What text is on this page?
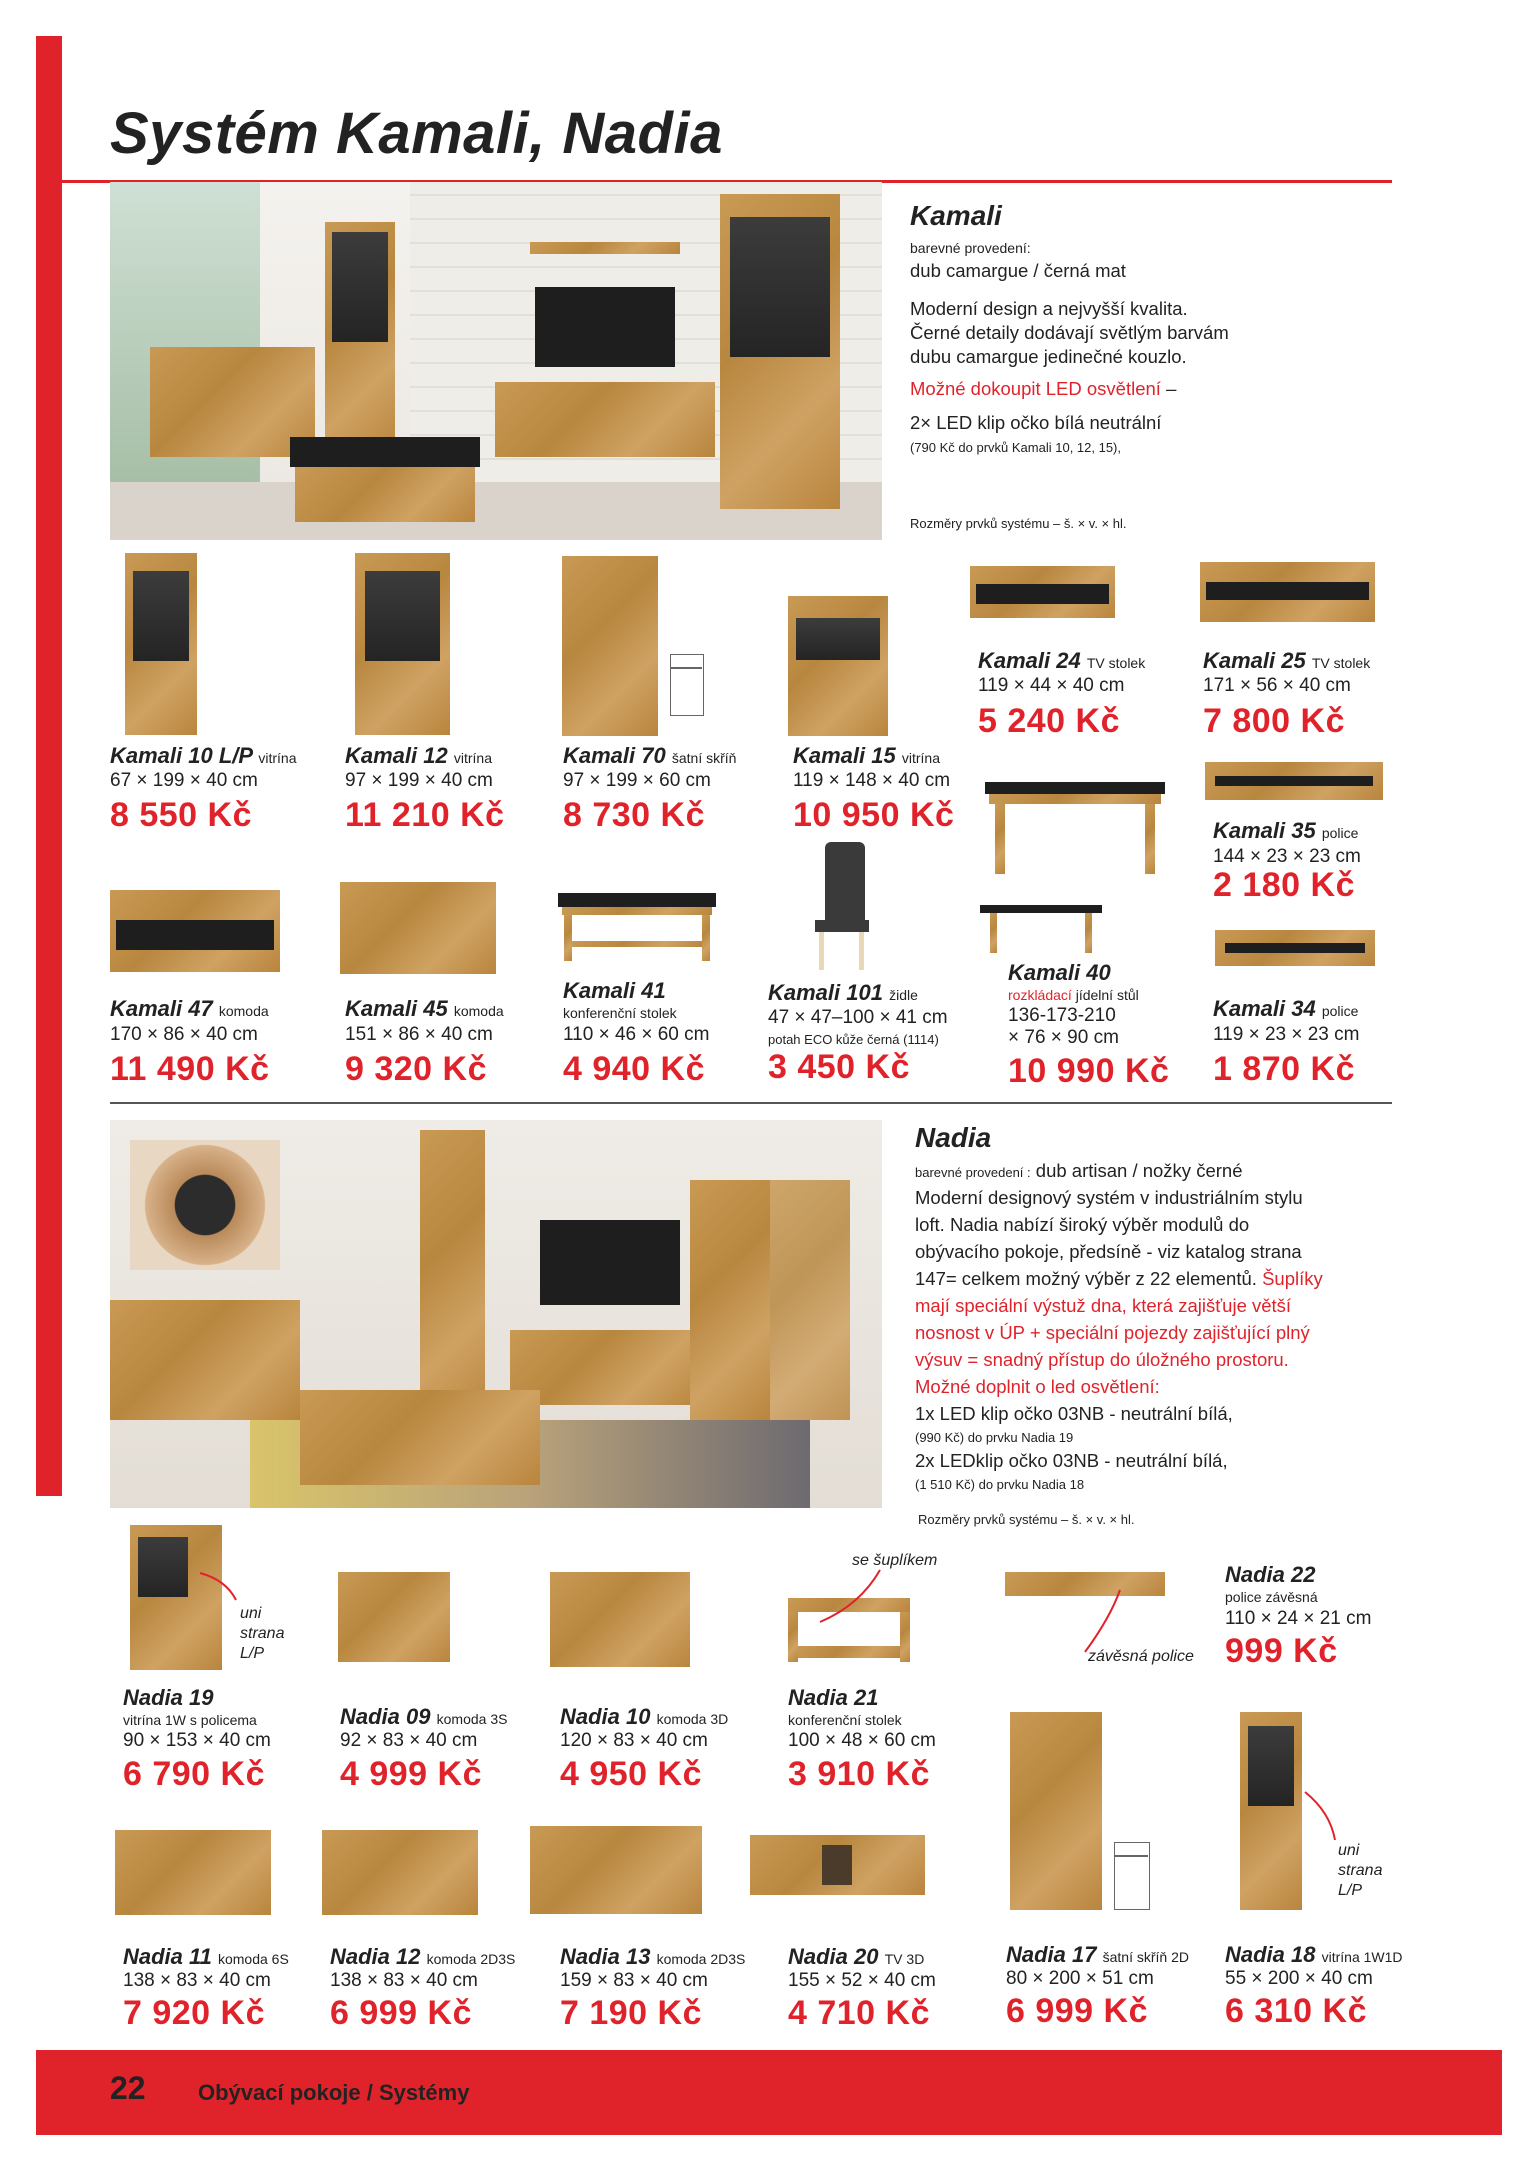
Systém Kamali, Nadia
Kamali
barevné provedení:
dub camargue / černá mat
Moderní design a nejvyšší kvalita.
Černé detaily dodávají světlým barvám
dubu camargue jedinečné kouzlo.
Možné dokoupit LED osvětlení –
2× LED klip očko bílá neutrální
(790 Kč do prvků Kamali 10, 12, 15),
Rozměry prvků systému – š. × v. × hl.
Kamali 10 L/P vitrína
67 × 199 × 40 cm
8 550 Kč
Kamali 12 vitrína
97 × 199 × 40 cm
11 210 Kč
Kamali 70 šatní skříň
97 × 199 × 60 cm
8 730 Kč
Kamali 15 vitrína
119 × 148 × 40 cm
10 950 Kč
Kamali 24 TV stolek
119 × 44 × 40 cm
5 240 Kč
Kamali 25 TV stolek
171 × 56 × 40 cm
7 800 Kč
Kamali 35 police
144 × 23 × 23 cm
2 180 Kč
Kamali 47 komoda
170 × 86 × 40 cm
11 490 Kč
Kamali 45 komoda
151 × 86 × 40 cm
9 320 Kč
Kamali 41
konferenční stolek
110 × 46 × 60 cm
4 940 Kč
Kamali 101 židle
47 × 47–100 × 41 cm
potah ECO kůže černá (1114)
3 450 Kč
Kamali 40
rozkládací jídelní stůl
136-173-210
× 76 × 90 cm
10 990 Kč
Kamali 34 police
119 × 23 × 23 cm
1 870 Kč
Nadia
barevné provedení : dub artisan / nožky černé
Moderní designový systém v industriálním stylu
loft. Nadia nabízí široký výběr modulů do
obývacího pokoje, předsíně - viz katalog strana
147= celkem možný výběr z 22 elementů. Šuplíky
mají speciální výstuž dna, která zajišťuje větší
nosnost v ÚP + speciální pojezdy zajišťující plný
výsuv = snadný přístup do úložného prostoru.
Možné doplnit o led osvětlení:
1x LED klip očko 03NB - neutrální bílá,
(990 Kč) do prvku Nadia 19
2x LEDklip očko 03NB - neutrální bílá,
(1 510 Kč) do prvku Nadia 18
Rozměry prvků systému – š. × v. × hl.
uni
strana
L/P
se šuplíkem
závěsná police
uni
strana
L/P
Nadia 19
vitrína 1W s policema
90 × 153 × 40 cm
6 790 Kč
Nadia 09 komoda 3S
92 × 83 × 40 cm
4 999 Kč
Nadia 10 komoda 3D
120 × 83 × 40 cm
4 950 Kč
Nadia 21
konferenční stolek
100 × 48 × 60 cm
3 910 Kč
Nadia 22
police závěsná
110 × 24 × 21 cm
999 Kč
Nadia 11 komoda 6S
138 × 83 × 40 cm
7 920 Kč
Nadia 12 komoda 2D3S
138 × 83 × 40 cm
6 999 Kč
Nadia 13 komoda 2D3S
159 × 83 × 40 cm
7 190 Kč
Nadia 20 TV 3D
155 × 52 × 40 cm
4 710 Kč
Nadia 17 šatní skříň 2D
80 × 200 × 51 cm
6 999 Kč
Nadia 18 vitrína 1W1D
55 × 200 × 40 cm
6 310 Kč
22 Obývací pokoje / Systémy
